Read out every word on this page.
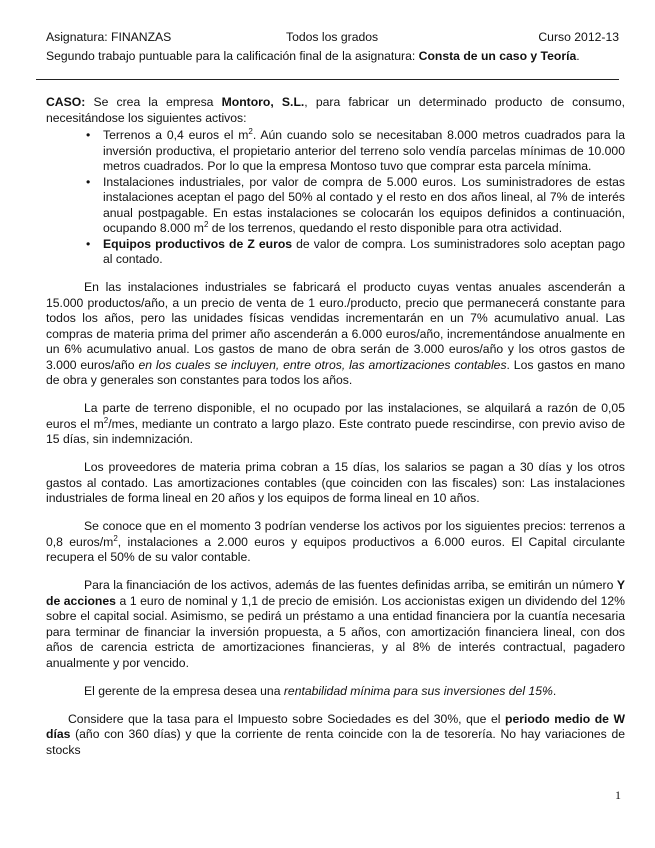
Asignatura: FINANZAS	Todos los grados	Curso 2012-13
Segundo trabajo puntuable para la calificación final de la asignatura: Consta de un caso y Teoría.

CASO: Se crea la empresa Montoro, S.L., para fabricar un determinado producto de consumo, necesitándose los siguientes activos:

• Terrenos a 0,4 euros el $m^2$. Aún cuando solo se necesitaban 8.000 metros cuadrados para la inversión productiva, el propietario anterior del terreno solo vendía parcelas mínimas de 10.000 metros cuadrados. Por lo que la empresa Montoso tuvo que comprar esta parcela mínima.
• Instalaciones industriales, por valor de compra de 5.000 euros. Los suministradores de estas instalaciones aceptan el pago del 50% al contado y el resto en dos años lineal, al 7% de interés anual postpagable. En estas instalaciones se colocarán los equipos definidos a continuación, ocupando 8.000 $m^2$ de los terrenos, quedando el resto disponible para otra actividad.
• Equipos productivos de Z euros de valor de compra. Los suministradores solo aceptan pago al contado.

En las instalaciones industriales se fabricará el producto cuyas ventas anuales ascenderán a 15.000 productos/año, a un precio de venta de 1 euro./producto, precio que permanecerá constante para todos los años, pero las unidades físicas vendidas incrementarán en un 7% acumulativo anual. Las compras de materia prima del primer año ascenderán a 6.000 euros/año, incrementándose anualmente en un 6% acumulativo anual. Los gastos de mano de obra serán de 3.000 euros/año y los otros gastos de 3.000 euros/año en los cuales se incluyen, entre otros, las amortizaciones contables. Los gastos en mano de obra y generales son constantes para todos los años.

La parte de terreno disponible, el no ocupado por las instalaciones, se alquilará a razón de 0,05 euros el $m^2$/mes, mediante un contrato a largo plazo. Este contrato puede rescindirse, con previo aviso de 15 días, sin indemnización.

Los proveedores de materia prima cobran a 15 días, los salarios se pagan a 30 días y los otros gastos al contado. Las amortizaciones contables (que coinciden con las fiscales) son: Las instalaciones industriales de forma lineal en 20 años y los equipos de forma lineal en 10 años.

Se conoce que en el momento 3 podrían venderse los activos por los siguientes precios: terrenos a 0,8 euros/$m^2$, instalaciones a 2.000 euros y equipos productivos a 6.000 euros. El Capital circulante recupera el 50% de su valor contable.

Para la financiación de los activos, además de las fuentes definidas arriba, se emitirán un número Y de acciones a 1 euro de nominal y 1,1 de precio de emisión. Los accionistas exigen un dividendo del 12% sobre el capital social. Asimismo, se pedirá un préstamo a una entidad financiera por la cuantía necesaria para terminar de financiar la inversión propuesta, a 5 años, con amortización financiera lineal, con dos años de carencia estricta de amortizaciones financieras, y al 8% de interés contractual, pagadero anualmente y por vencido.

El gerente de la empresa desea una rentabilidad mínima para sus inversiones del 15%.

Considere que la tasa para el Impuesto sobre Sociedades es del 30%, que el periodo medio de W días (año con 360 días) y que la corriente de renta coincide con la de tesorería. No hay variaciones de stocks

1
